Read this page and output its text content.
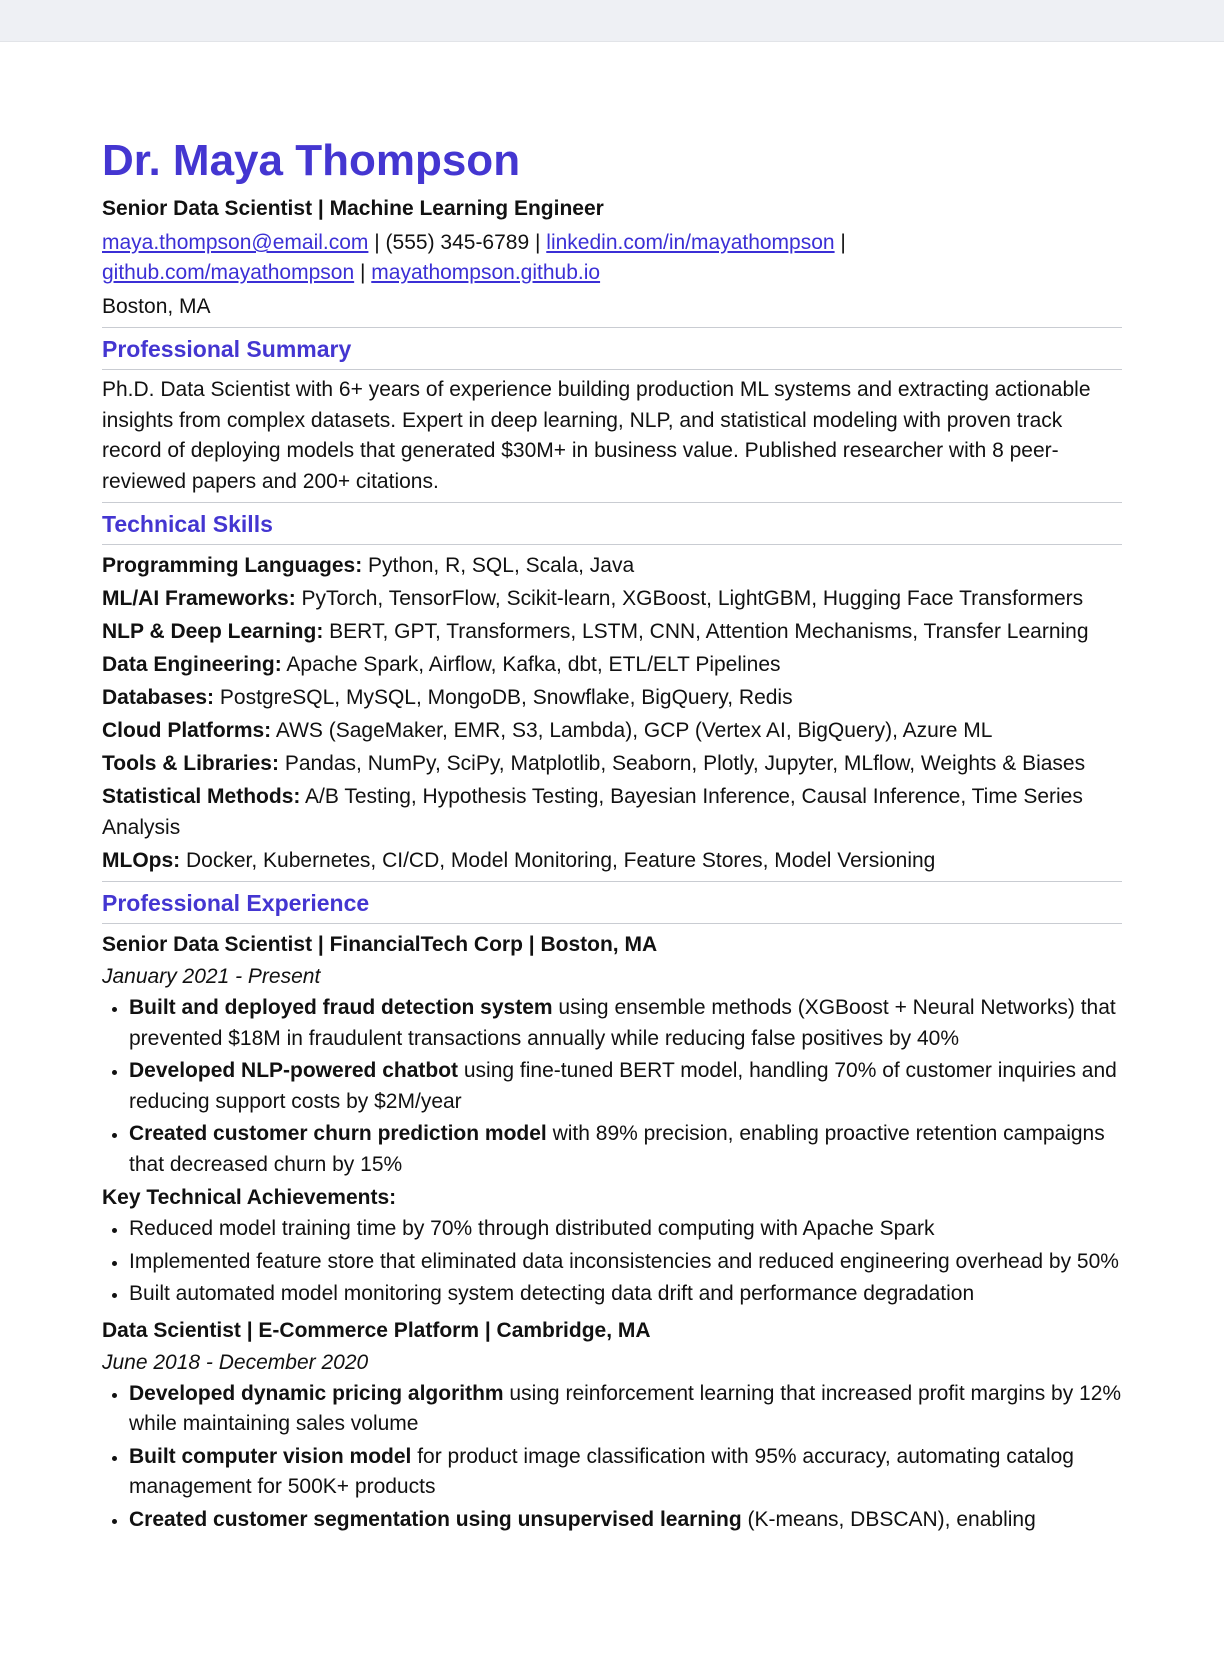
Dr. Maya Thompson
Senior Data Scientist | Machine Learning Engineer
maya.thompson@email.com | (555) 345-6789 | linkedin.com/in/mayathompson |
github.com/mayathompson | mayathompson.github.io
Boston, MA
Professional Summary
Ph.D. Data Scientist with 6+ years of experience building production ML systems and extracting actionable insights from complex datasets. Expert in deep learning, NLP, and statistical modeling with proven track record of deploying models that generated $30M+ in business value. Published researcher with 8 peer-reviewed papers and 200+ citations.
Technical Skills
Programming Languages: Python, R, SQL, Scala, Java
ML/AI Frameworks: PyTorch, TensorFlow, Scikit-learn, XGBoost, LightGBM, Hugging Face Transformers
NLP & Deep Learning: BERT, GPT, Transformers, LSTM, CNN, Attention Mechanisms, Transfer Learning
Data Engineering: Apache Spark, Airflow, Kafka, dbt, ETL/ELT Pipelines
Databases: PostgreSQL, MySQL, MongoDB, Snowflake, BigQuery, Redis
Cloud Platforms: AWS (SageMaker, EMR, S3, Lambda), GCP (Vertex AI, BigQuery), Azure ML
Tools & Libraries: Pandas, NumPy, SciPy, Matplotlib, Seaborn, Plotly, Jupyter, MLflow, Weights & Biases
Statistical Methods: A/B Testing, Hypothesis Testing, Bayesian Inference, Causal Inference, Time Series Analysis
MLOps: Docker, Kubernetes, CI/CD, Model Monitoring, Feature Stores, Model Versioning
Professional Experience
Senior Data Scientist | FinancialTech Corp | Boston, MA
January 2021 - Present
• Built and deployed fraud detection system using ensemble methods (XGBoost + Neural Networks) that prevented $18M in fraudulent transactions annually while reducing false positives by 40%
• Developed NLP-powered chatbot using fine-tuned BERT model, handling 70% of customer inquiries and reducing support costs by $2M/year
• Created customer churn prediction model with 89% precision, enabling proactive retention campaigns that decreased churn by 15%
Key Technical Achievements:
• Reduced model training time by 70% through distributed computing with Apache Spark
• Implemented feature store that eliminated data inconsistencies and reduced engineering overhead by 50%
• Built automated model monitoring system detecting data drift and performance degradation
Data Scientist | E-Commerce Platform | Cambridge, MA
June 2018 - December 2020
• Developed dynamic pricing algorithm using reinforcement learning that increased profit margins by 12% while maintaining sales volume
• Built computer vision model for product image classification with 95% accuracy, automating catalog management for 500K+ products
• Created customer segmentation using unsupervised learning (K-means, DBSCAN), enabling
